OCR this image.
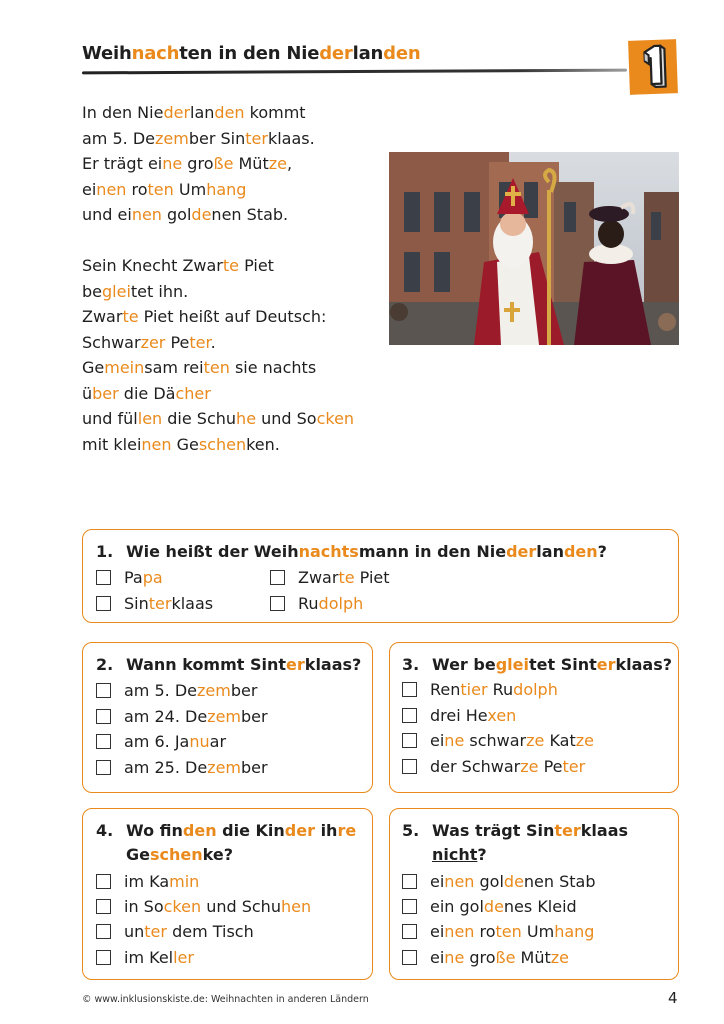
Weihnachten in den Niederlanden
1
In den Niederlanden kommt
am 5. Dezember Sinterklaas.
Er trägt eine große Mütze,
einen roten Umhang
und einen goldenen Stab.
Sein Knecht Zwarte Piet
begleitet ihn.
Zwarte Piet heißt auf Deutsch:
Schwarzer Peter.
Gemeinsam reiten sie nachts
über die Dächer
und füllen die Schuhe und Socken
mit kleinen Geschenken.
1. Wie heißt der Weihnachtsmann in den Niederlanden?
Papa	Zwarte Piet
Sinterklaas	Rudolph
2. Wann kommt Sinterklaas?
am 5. Dezember
am 24. Dezember
am 6. Januar
am 25. Dezember
3. Wer begleitet Sinterklaas?
Rentier Rudolph
drei Hexen
eine schwarze Katze
der Schwarze Peter
4. Wo finden die Kinder ihre
Geschenke?
im Kamin
in Socken und Schuhen
unter dem Tisch
im Keller
5. Was trägt Sinterklaas
nicht?
einen goldenen Stab
ein goldenes Kleid
einen roten Umhang
eine große Mütze
© www.inklusionskiste.de: Weihnachten in anderen Ländern	4
